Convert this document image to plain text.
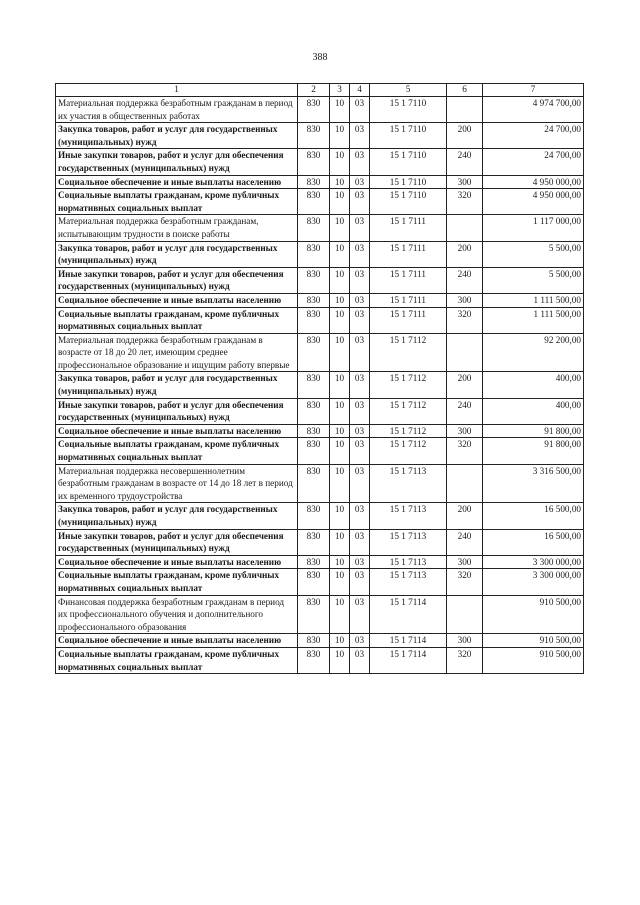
388
1	2	3	4	5	6	7
Материальная поддержка безработным гражданам в период их участия в общественных работах	830	10	03	15 1 7110		4 974 700,00
Закупка товаров, работ и услуг для государственных (муниципальных) нужд	830	10	03	15 1 7110	200	24 700,00
Иные закупки товаров, работ и услуг для обеспечения государственных (муниципальных) нужд	830	10	03	15 1 7110	240	24 700,00
Социальное обеспечение и иные выплаты населению	830	10	03	15 1 7110	300	4 950 000,00
Социальные выплаты гражданам, кроме публичных нормативных социальных выплат	830	10	03	15 1 7110	320	4 950 000,00
Материальная поддержка безработным гражданам, испытывающим трудности в поиске работы	830	10	03	15 1 7111		1 117 000,00
Закупка товаров, работ и услуг для государственных (муниципальных) нужд	830	10	03	15 1 7111	200	5 500,00
Иные закупки товаров, работ и услуг для обеспечения государственных (муниципальных) нужд	830	10	03	15 1 7111	240	5 500,00
Социальное обеспечение и иные выплаты населению	830	10	03	15 1 7111	300	1 111 500,00
Социальные выплаты гражданам, кроме публичных нормативных социальных выплат	830	10	03	15 1 7111	320	1 111 500,00
Материальная поддержка безработным гражданам в возрасте от 18 до 20 лет, имеющим среднее профессиональное образование и ищущим работу впервые	830	10	03	15 1 7112		92 200,00
Закупка товаров, работ и услуг для государственных (муниципальных) нужд	830	10	03	15 1 7112	200	400,00
Иные закупки товаров, работ и услуг для обеспечения государственных (муниципальных) нужд	830	10	03	15 1 7112	240	400,00
Социальное обеспечение и иные выплаты населению	830	10	03	15 1 7112	300	91 800,00
Социальные выплаты гражданам, кроме публичных нормативных социальных выплат	830	10	03	15 1 7112	320	91 800,00
Материальная поддержка несовершеннолетним безработным гражданам в возрасте от 14 до 18 лет в период их временного трудоустройства	830	10	03	15 1 7113		3 316 500,00
Закупка товаров, работ и услуг для государственных (муниципальных) нужд	830	10	03	15 1 7113	200	16 500,00
Иные закупки товаров, работ и услуг для обеспечения государственных (муниципальных) нужд	830	10	03	15 1 7113	240	16 500,00
Социальное обеспечение и иные выплаты населению	830	10	03	15 1 7113	300	3 300 000,00
Социальные выплаты гражданам, кроме публичных нормативных социальных выплат	830	10	03	15 1 7113	320	3 300 000,00
Финансовая поддержка безработным гражданам в период их профессионального обучения и дополнительного профессионального образования	830	10	03	15 1 7114		910 500,00
Социальное обеспечение и иные выплаты населению	830	10	03	15 1 7114	300	910 500,00
Социальные выплаты гражданам, кроме публичных нормативных социальных выплат	830	10	03	15 1 7114	320	910 500,00
